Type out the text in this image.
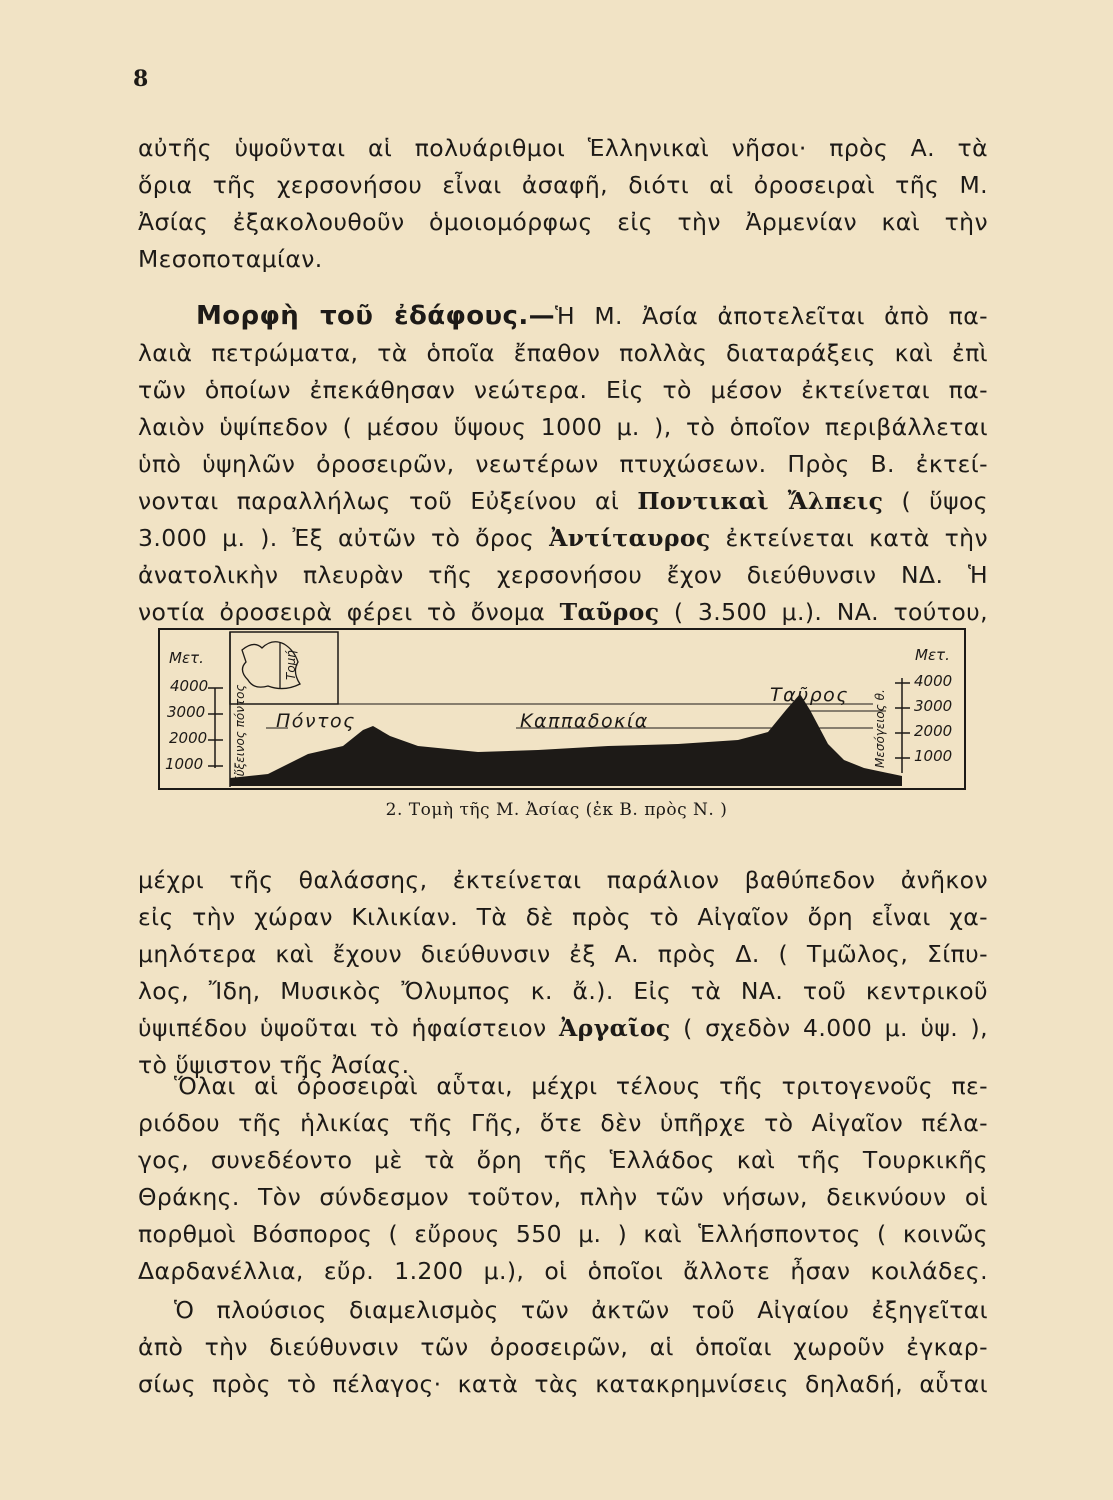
8
αὐτῆς ὑψοῦνται αἱ πολυάριθμοι Ἑλληνικαὶ νῆσοι· πρὸς Α. τὰ
ὅρια τῆς χερσονήσου εἶναι ἀσαφῆ, διότι αἱ ὀροσειραὶ τῆς Μ.
Ἀσίας ἐξακολουθοῦν ὁμοιομόρφως εἰς τὴν Ἀρμενίαν καὶ τὴν
Μεσοποταμίαν.
Μορφὴ τοῦ ἐδάφους.—Ἡ Μ. Ἀσία ἀποτελεῖται ἀπὸ πα-
λαιὰ πετρώματα, τὰ ὁποῖα ἔπαθον πολλὰς διαταράξεις καὶ ἐπὶ
τῶν ὁποίων ἐπεκάθησαν νεώτερα. Εἰς τὸ μέσον ἐκτείνεται πα-
λαιὸν ὑψίπεδον ( μέσου ὕψους 1000 μ. ), τὸ ὁποῖον περιβάλλεται
ὑπὸ ὑψηλῶν ὀροσειρῶν, νεωτέρων πτυχώσεων. Πρὸς Β. ἐκτεί-
νονται παραλλήλως τοῦ Εὐξείνου αἱ Ποντικαὶ Ἄλπεις ( ὕψος
3.000 μ. ). Ἐξ αὐτῶν τὸ ὄρος Ἀντίταυρος ἐκτείνεται κατὰ τὴν
ἀνατολικὴν πλευρὰν τῆς χερσονήσου ἔχον διεύθυνσιν ΝΔ. Ἡ
νοτία ὀροσειρὰ φέρει τὸ ὄνομα Ταῦρος ( 3.500 μ.). ΝΑ. τούτου,
Μετ.
4000
3000
2000
1000
Μετ.
4000
3000
2000
1000
Τομή
Εὔξεινος πόντος	Μεσόγειος θ.
Πόντος	Καππαδοκία
Ταῦρος
2. Τομὴ τῆς Μ. Ἀσίας (ἐκ Β. πρὸς Ν. )
μέχρι τῆς θαλάσσης, ἐκτείνεται παράλιον βαθύπεδον ἀνῆκον
εἰς τὴν χώραν Κιλικίαν. Τὰ δὲ πρὸς τὸ Αἰγαῖον ὄρη εἶναι χα-
μηλότερα καὶ ἔχουν διεύθυνσιν ἐξ Α. πρὸς Δ. ( Τμῶλος, Σίπυ-
λος, Ἴδη, Μυσικὸς Ὄλυμπος κ. ἄ.). Εἰς τὰ ΝΑ. τοῦ κεντρικοῦ
ὑψιπέδου ὑψοῦται τὸ ἡφαίστειον Ἀργαῖος ( σχεδὸν 4.000 μ. ὑψ. ),
τὸ ὕψιστον τῆς Ἀσίας.
Ὅλαι αἱ ὀροσειραὶ αὗται, μέχρι τέλους τῆς τριτογενοῦς πε-
ριόδου τῆς ἡλικίας τῆς Γῆς, ὅτε δὲν ὑπῆρχε τὸ Αἰγαῖον πέλα-
γος, συνεδέοντο μὲ τὰ ὄρη τῆς Ἑλλάδος καὶ τῆς Τουρκικῆς
Θράκης. Τὸν σύνδεσμον τοῦτον, πλὴν τῶν νήσων, δεικνύουν οἱ
πορθμοὶ Βόσπορος ( εὔρους 550 μ. ) καὶ Ἑλλήσποντος ( κοινῶς
Δαρδανέλλια, εὔρ. 1.200 μ.), οἱ ὁποῖοι ἄλλοτε ἦσαν κοιλάδες.
Ὁ πλούσιος διαμελισμὸς τῶν ἀκτῶν τοῦ Αἰγαίου ἐξηγεῖται
ἀπὸ τὴν διεύθυνσιν τῶν ὀροσειρῶν, αἱ ὁποῖαι χωροῦν ἐγκαρ-
σίως πρὸς τὸ πέλαγος· κατὰ τὰς κατακρημνίσεις δηλαδή, αὗται
